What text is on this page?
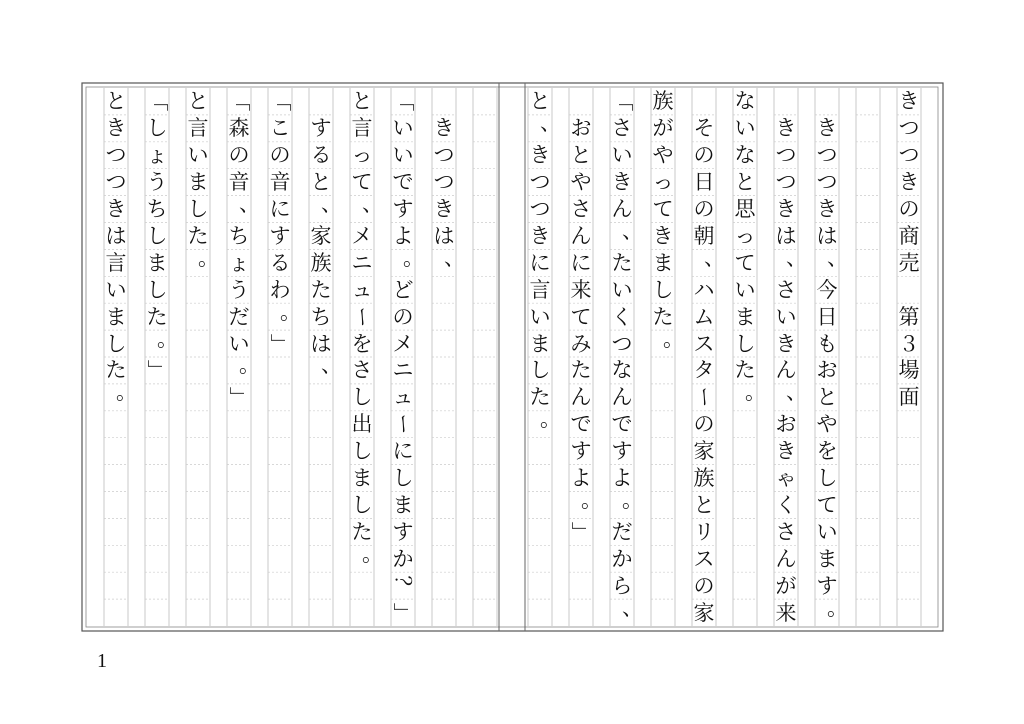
き
つ
つ
き
の
商
売
第
３
場
面
き
つ
つ
き
は
、
今
日
も
お
と
や
を
し
て
い
ま
す
。
き
つ
つ
き
は
、
さ
い
き
ん
、
お
き
ゃ
く
さ
ん
が
来
な
い
な
と
思
っ
て
い
ま
し
た
。
そ
の
日
の
朝
、
ハ
ム
ス
タ
ー
の
家
族
と
リ
ス
の
家
族
が
や
っ
て
き
ま
し
た
。
「
さ
い
き
ん
、
た
い
く
つ
な
ん
で
す
よ
。
だ
か
ら
、
お
と
や
さ
ん
に
来
て
み
た
ん
で
す
よ
。
」
と
、
き
つ
つ
き
に
言
い
ま
し
た
。
き
つ
つ
き
は
、
「
い
い
で
す
よ
。
ど
の
メ
ニ
ュ
ー
に
し
ま
す
か
？
」
と
言
っ
て
、
メ
ニ
ュ
ー
を
さ
し
出
し
ま
し
た
。
す
る
と
、
家
族
た
ち
は
、
「
こ
の
音
に
す
る
わ
。
」
「
森
の
音
、
ち
ょ
う
だ
い
。
」
と
言
い
ま
し
た
。
「
し
ょ
う
ち
し
ま
し
た
。
」
と
き
つ
つ
き
は
言
い
ま
し
た
。
1
